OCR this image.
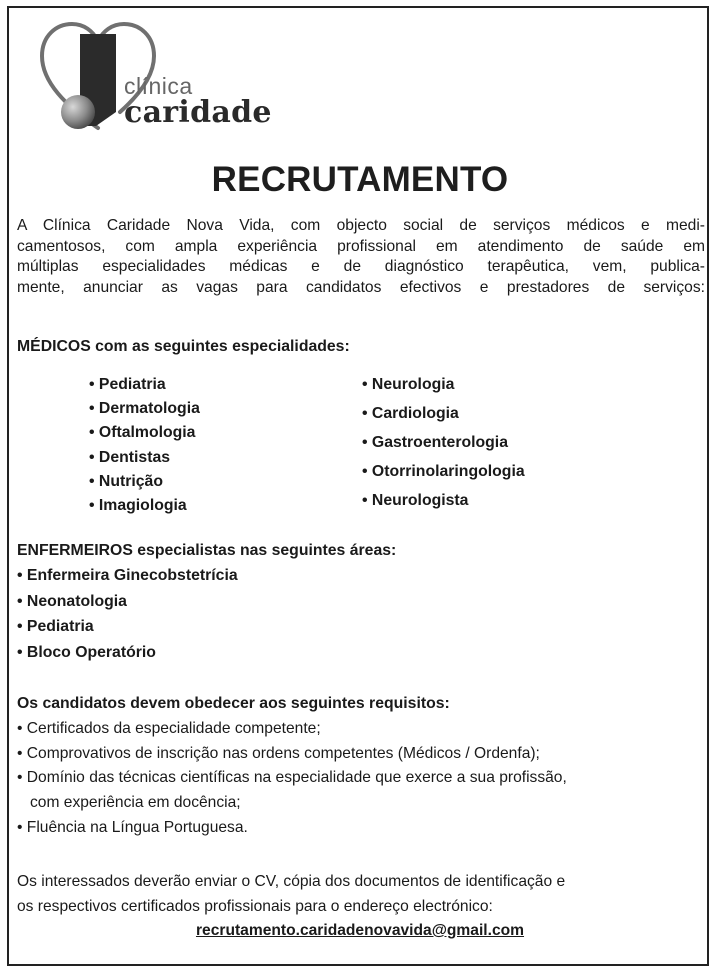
clínica
caridade
RECRUTAMENTO
A Clínica Caridade Nova Vida, com objecto social de serviços médicos e medi-
camentosos, com ampla experiência profissional em atendimento de saúde em
múltiplas especialidades médicas e de diagnóstico terapêutica, vem, publica-
mente, anunciar as vagas para candidatos efectivos e prestadores de serviços:
MÉDICOS com as seguintes especialidades:
• Pediatria
• Dermatologia
• Oftalmologia
• Dentistas
• Nutrição
• Imagiologia
• Neurologia
• Cardiologia
• Gastroenterologia
• Otorrinolaringologia
• Neurologista
ENFERMEIROS especialistas nas seguintes áreas:
• Enfermeira Ginecobstetrícia
• Neonatologia
• Pediatria
• Bloco Operatório
Os candidatos devem obedecer aos seguintes requisitos:
• Certificados da especialidade competente;
• Comprovativos de inscrição nas ordens competentes (Médicos / Ordenfa);
• Domínio das técnicas científicas na especialidade que exerce a sua profissão,
com experiência em docência;
• Fluência na Língua Portuguesa.
Os interessados deverão enviar o CV, cópia dos documentos de identificação e
os respectivos certificados profissionais para o endereço electrónico:
recrutamento.caridadenovavida@gmail.com
